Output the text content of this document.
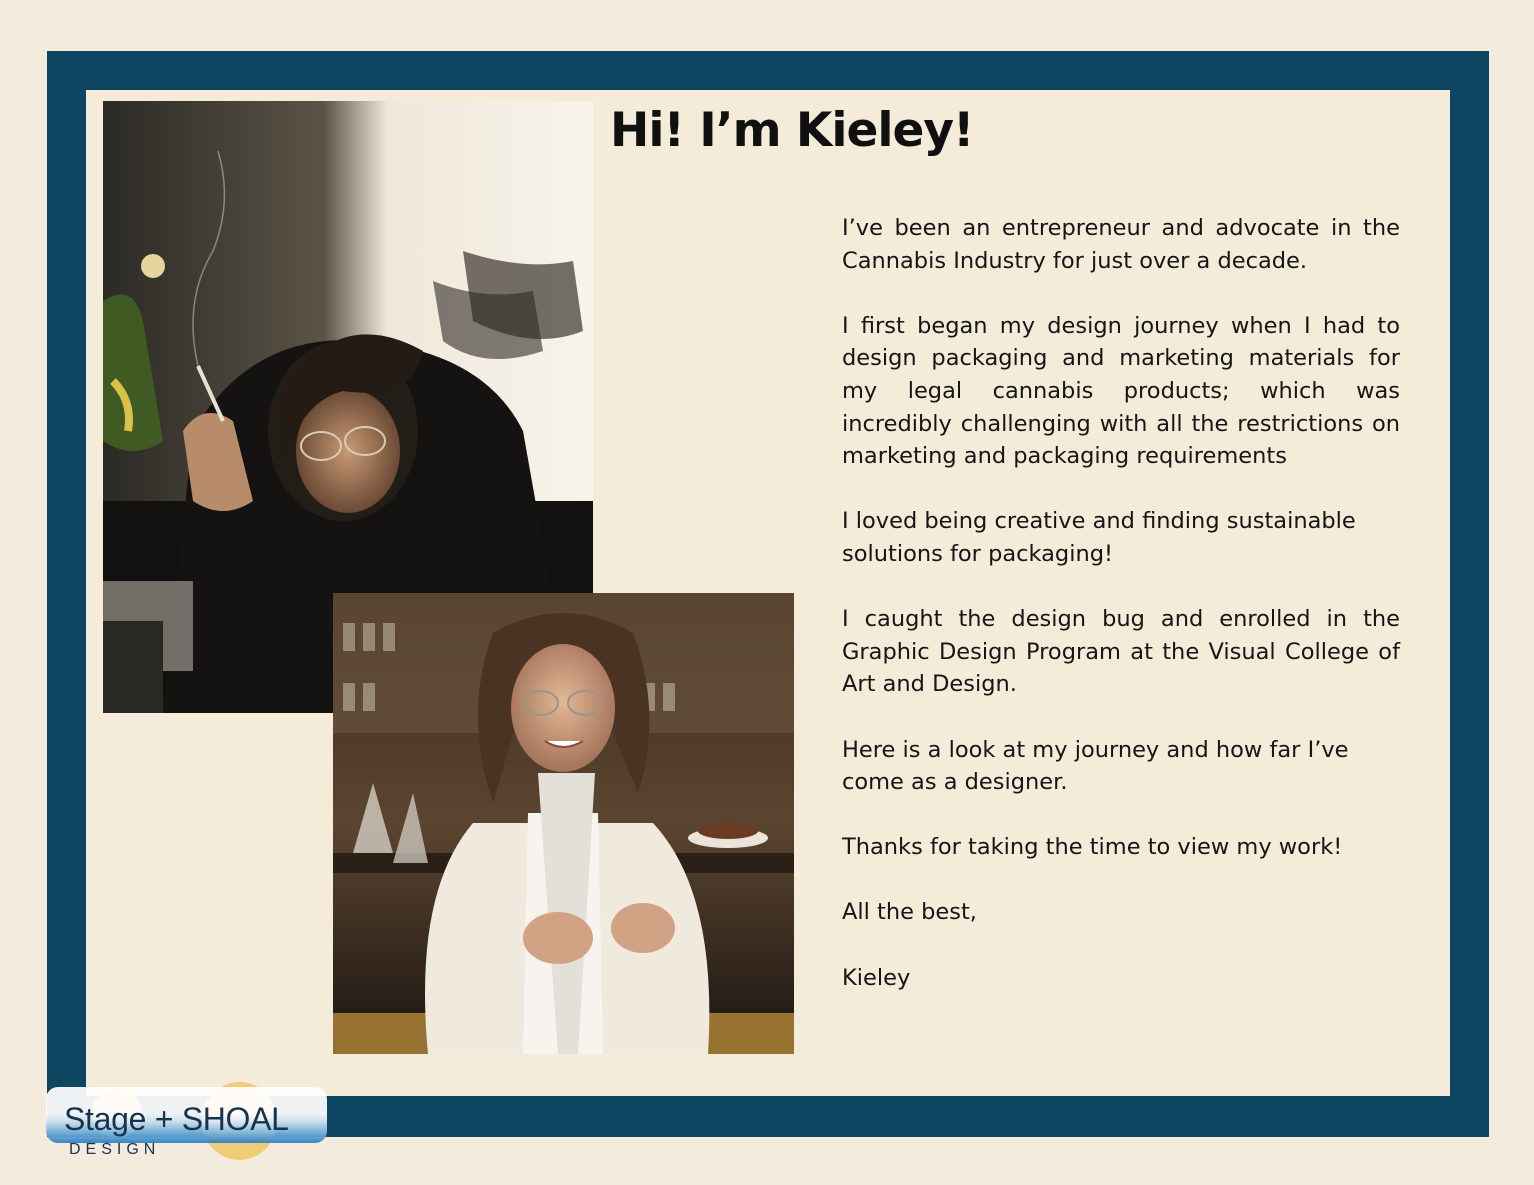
Hi! I’m Kieley!

I’ve been an entrepreneur and advocate in the Cannabis Industry for just over a decade.

I first began my design journey when I had to design packaging and marketing materials for my legal cannabis products; which was incredibly challenging with all the restrictions on marketing and packaging requirements

I loved being creative and finding sustainable solutions for packaging!

I caught the design bug and enrolled in the Graphic Design Program at the Visual College of Art and Design.

Here is a look at my journey and how far I’ve come as a designer.

Thanks for taking the time to view my work!

All the best,

Kieley

Stage + SHOAL
DESIGN
